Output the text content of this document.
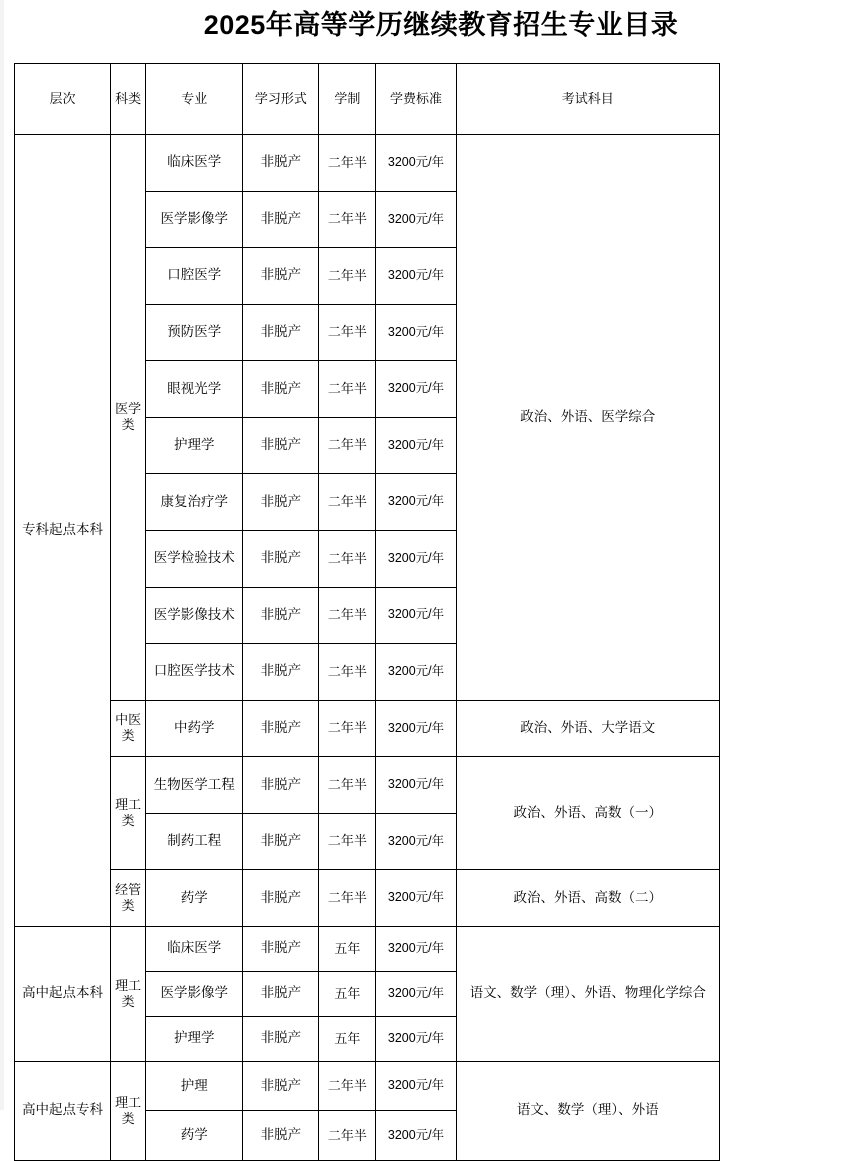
2025年高等学历继续教育招生专业目录
层次	科类	专业	学习形式	学制	学费标准	考试科目
专科起点本科	医学类	临床医学	非脱产	二年半	3200元/年	政治、外语、医学综合
		医学影像学	非脱产	二年半	3200元/年	
		口腔医学	非脱产	二年半	3200元/年	
		预防医学	非脱产	二年半	3200元/年	
		眼视光学	非脱产	二年半	3200元/年	
		护理学	非脱产	二年半	3200元/年	
		康复治疗学	非脱产	二年半	3200元/年	
		医学检验技术	非脱产	二年半	3200元/年	
		医学影像技术	非脱产	二年半	3200元/年	
		口腔医学技术	非脱产	二年半	3200元/年	
	中医类	中药学	非脱产	二年半	3200元/年	政治、外语、大学语文
	理工类	生物医学工程	非脱产	二年半	3200元/年	政治、外语、高数（一）
		制药工程	非脱产	二年半	3200元/年	
	经管类	药学	非脱产	二年半	3200元/年	政治、外语、高数（二）
高中起点本科	理工类	临床医学	非脱产	五年	3200元/年	语文、数学（理）、外语、物理化学综合
		医学影像学	非脱产	五年	3200元/年	
		护理学	非脱产	五年	3200元/年	
高中起点专科	理工类	护理	非脱产	二年半	3200元/年	语文、数学（理）、外语
		药学	非脱产	二年半	3200元/年	
